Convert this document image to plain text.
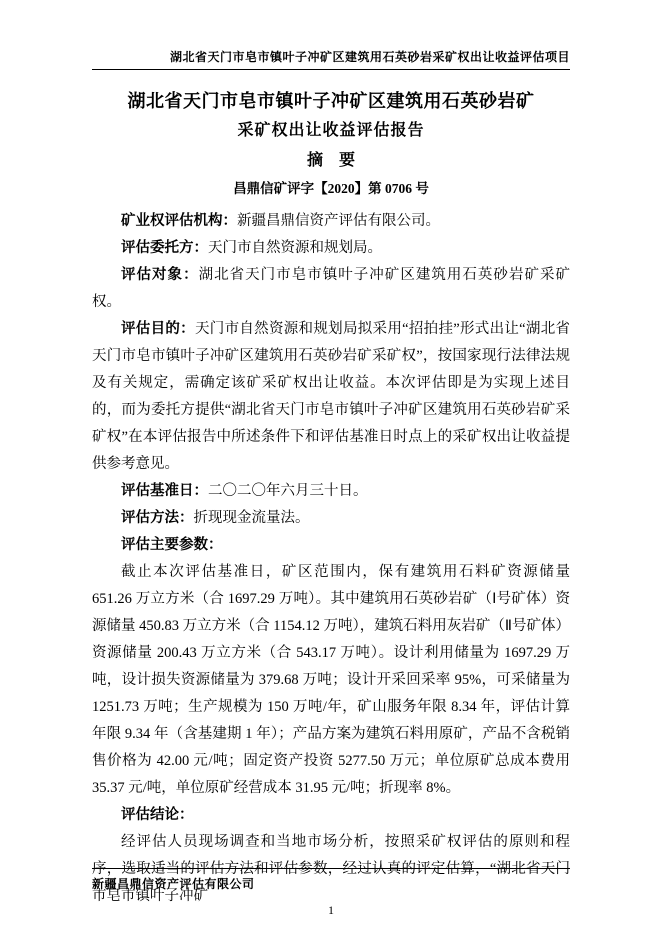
湖北省天门市皂市镇叶子冲矿区建筑用石英砂岩采矿权出让收益评估项目
湖北省天门市皂市镇叶子冲矿区建筑用石英砂岩矿
采矿权出让收益评估报告
摘　要
昌鼎信矿评字【2020】第 0706 号

矿业权评估机构：新疆昌鼎信资产评估有限公司。

评估委托方：天门市自然资源和规划局。

评估对象：湖北省天门市皂市镇叶子冲矿区建筑用石英砂岩矿采矿权。

评估目的：天门市自然资源和规划局拟采用“招拍挂”形式出让“湖北省天门市皂市镇叶子冲矿区建筑用石英砂岩矿采矿权”，按国家现行法律法规及有关规定，需确定该矿采矿权出让收益。本次评估即是为实现上述目的，而为委托方提供“湖北省天门市皂市镇叶子冲矿区建筑用石英砂岩矿采矿权”在本评估报告中所述条件下和评估基准日时点上的采矿权出让收益提供参考意见。

评估基准日：二〇二〇年六月三十日。

评估方法：折现现金流量法。

评估主要参数：

截止本次评估基准日，矿区范围内，保有建筑用石料矿资源储量 651.26 万立方米（合 1697.29 万吨）。其中建筑用石英砂岩矿（Ⅰ号矿体）资源储量 450.83 万立方米（合 1154.12 万吨），建筑石料用灰岩矿（Ⅱ号矿体）资源储量 200.43 万立方米（合 543.17 万吨）。设计利用储量为 1697.29 万吨，设计损失资源储量为 379.68 万吨；设计开采回采率 95%，可采储量为 1251.73 万吨；生产规模为 150 万吨/年，矿山服务年限 8.34 年，评估计算年限 9.34 年（含基建期 1 年）；产品方案为建筑石料用原矿，产品不含税销售价格为 42.00 元/吨；固定资产投资 5277.50 万元；单位原矿总成本费用 35.37 元/吨，单位原矿经营成本 31.95 元/吨；折现率 8%。

评估结论：

经评估人员现场调查和当地市场分析，按照采矿权评估的原则和程序，选取适当的评估方法和评估参数，经过认真的评定估算，“湖北省天门市皂市镇叶子冲矿

新疆昌鼎信资产评估有限公司
1
